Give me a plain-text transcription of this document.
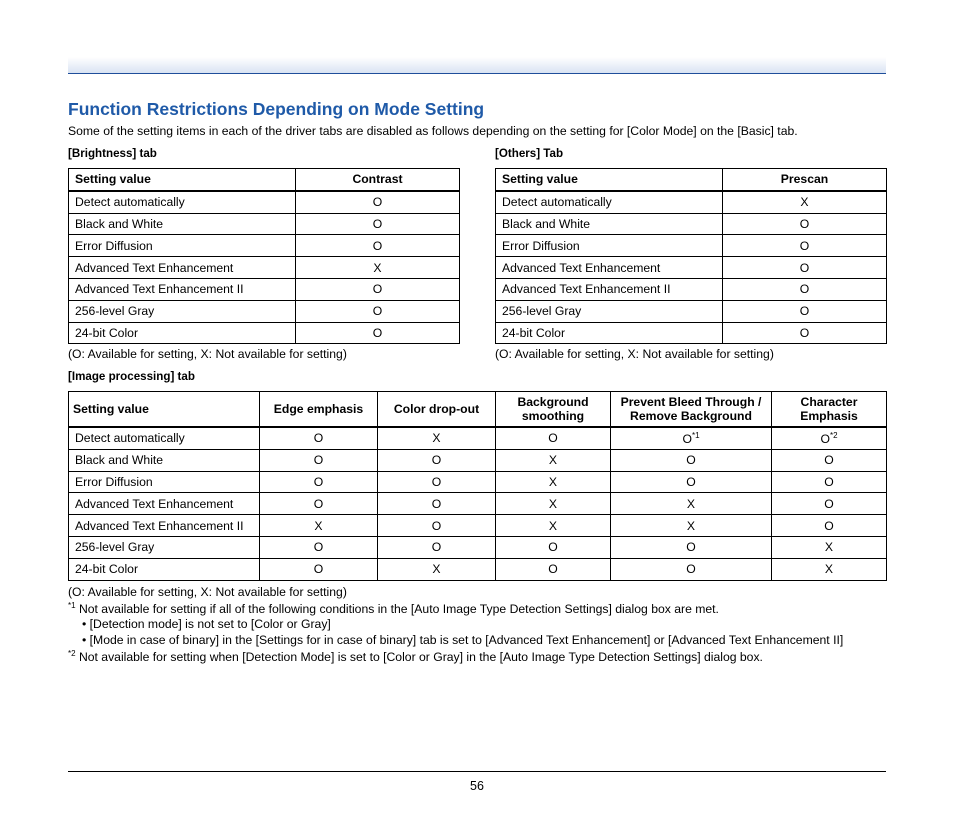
Function Restrictions Depending on Mode Setting
Some of the setting items in each of the driver tabs are disabled as follows depending on the setting for [Color Mode] on the [Basic] tab.
[Brightness] tab
Setting value	Contrast
Detect automatically	O
Black and White	O
Error Diffusion	O
Advanced Text Enhancement	X
Advanced Text Enhancement II	O
256-level Gray	O
24-bit Color	O
(O: Available for setting, X: Not available for setting)
[Others] Tab
Setting value	Prescan
Detect automatically	X
Black and White	O
Error Diffusion	O
Advanced Text Enhancement	O
Advanced Text Enhancement II	O
256-level Gray	O
24-bit Color	O
(O: Available for setting, X: Not available for setting)
[Image processing] tab
Setting value	Edge emphasis	Color drop-out	Background smoothing	Prevent Bleed Through / Remove Background	Character Emphasis
Detect automatically	O	X	O	$O^{*1}$	$O^{*2}$
Black and White	O	O	X	O	O
Error Diffusion	O	O	X	O	O
Advanced Text Enhancement	O	O	X	X	O
Advanced Text Enhancement II	X	O	X	X	O
256-level Gray	O	O	O	O	X
24-bit Color	O	X	O	O	X
(O: Available for setting, X: Not available for setting)
$^{*1}$ Not available for setting if all of the following conditions in the [Auto Image Type Detection Settings] dialog box are met.
• [Detection mode] is not set to [Color or Gray]
• [Mode in case of binary] in the [Settings for in case of binary] tab is set to [Advanced Text Enhancement] or [Advanced Text Enhancement II]
$^{*2}$ Not available for setting when [Detection Mode] is set to [Color or Gray] in the [Auto Image Type Detection Settings] dialog box.
56
